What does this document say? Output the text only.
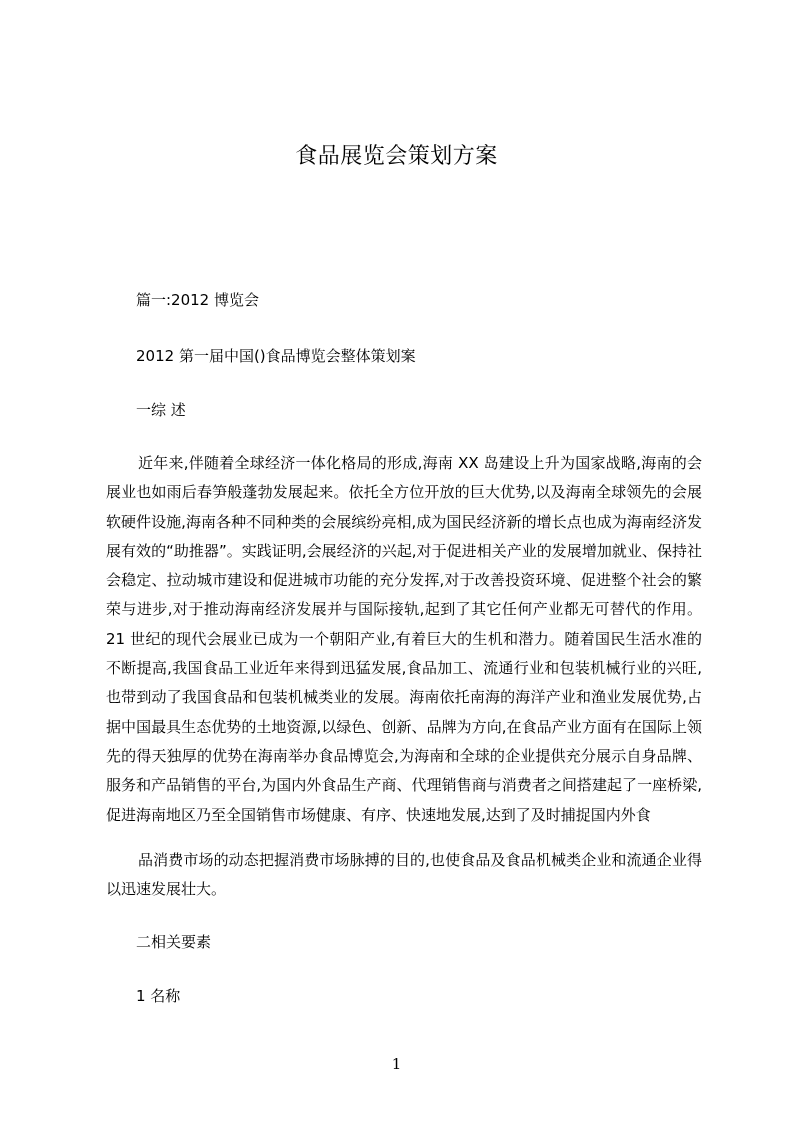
食品展览会策划方案
篇一:2012 博览会
2012 第一届中国()食品博览会整体策划案
一综 述

近年来,伴随着全球经济一体化格局的形成,海南 XX 岛建设上升为国家战略,海南的会展业也如雨后春笋般蓬勃发展起来。依托全方位开放的巨大优势,以及海南全球领先的会展软硬件设施,海南各种不同种类的会展缤纷亮相,成为国民经济新的增长点也成为海南经济发展有效的“助推器”。实践证明,会展经济的兴起,对于促进相关产业的发展增加就业、保持社会稳定、拉动城市建设和促进城市功能的充分发挥,对于改善投资环境、促进整个社会的繁荣与进步,对于推动海南经济发展并与国际接轨,起到了其它任何产业都无可替代的作用。21 世纪的现代会展业已成为一个朝阳产业,有着巨大的生机和潜力。随着国民生活水准的不断提高,我国食品工业近年来得到迅猛发展,食品加工、流通行业和包装机械行业的兴旺,也带到动了我国食品和包装机械类业的发展。海南依托南海的海洋产业和渔业发展优势,占据中国最具生态优势的土地资源,以绿色、创新、品牌为方向,在食品产业方面有在国际上领先的得天独厚的优势在海南举办食品博览会,为海南和全球的企业提供充分展示自身品牌、服务和产品销售的平台,为国内外食品生产商、代理销售商与消费者之间搭建起了一座桥梁,促进海南地区乃至全国销售市场健康、有序、快速地发展,达到了及时捕捉国内外食

品消费市场的动态把握消费市场脉搏的目的,也使食品及食品机械类企业和流通企业得以迅速发展壮大。

二相关要素
1 名称
1
